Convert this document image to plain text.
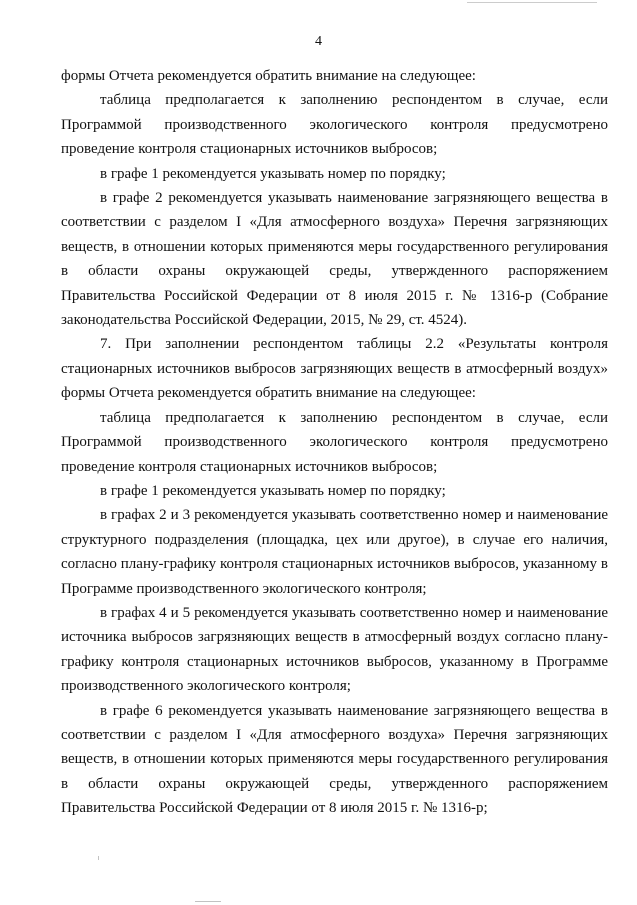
4

формы Отчета рекомендуется обратить внимание на следующее:

таблица предполагается к заполнению респондентом в случае, если Программой производственного экологического контроля предусмотрено проведение контроля стационарных источников выбросов;

в графе 1 рекомендуется указывать номер по порядку;

в графе 2 рекомендуется указывать наименование загрязняющего вещества в соответствии с разделом I «Для атмосферного воздуха» Перечня загрязняющих веществ, в отношении которых применяются меры государственного регулирования в области охраны окружающей среды, утвержденного распоряжением Правительства Российской Федерации от 8 июля 2015 г. № 1316-р (Собрание законодательства Российской Федерации, 2015, № 29, ст. 4524).

7. При заполнении респондентом таблицы 2.2 «Результаты контроля стационарных источников выбросов загрязняющих веществ в атмосферный воздух» формы Отчета рекомендуется обратить внимание на следующее:

таблица предполагается к заполнению респондентом в случае, если Программой производственного экологического контроля предусмотрено проведение контроля стационарных источников выбросов;

в графе 1 рекомендуется указывать номер по порядку;

в графах 2 и 3 рекомендуется указывать соответственно номер и наименование структурного подразделения (площадка, цех или другое), в случае его наличия, согласно плану-графику контроля стационарных источников выбросов, указанному в Программе производственного экологического контроля;

в графах 4 и 5 рекомендуется указывать соответственно номер и наименование источника выбросов загрязняющих веществ в атмосферный воздух согласно плану-графику контроля стационарных источников выбросов, указанному в Программе производственного экологического контроля;

в графе 6 рекомендуется указывать наименование загрязняющего вещества в соответствии с разделом I «Для атмосферного воздуха» Перечня загрязняющих веществ, в отношении которых применяются меры государственного регулирования в области охраны окружающей среды, утвержденного распоряжением Правительства Российской Федерации от 8 июля 2015 г. № 1316-р;
